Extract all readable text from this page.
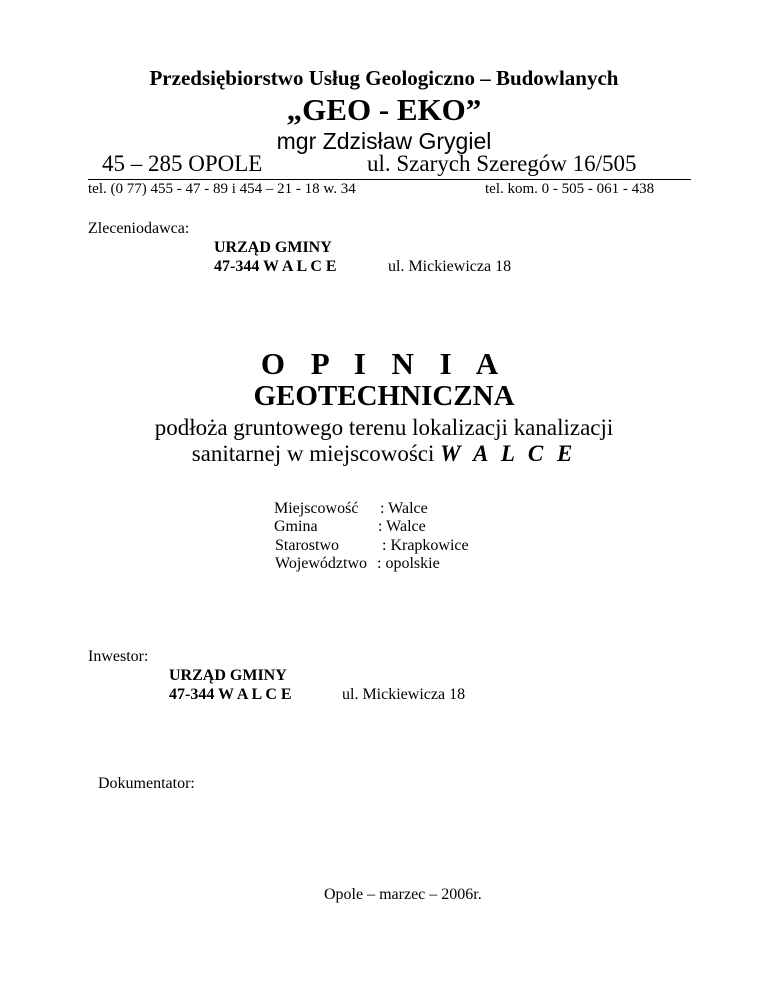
Przedsiębiorstwo Usług Geologiczno – Budowlanych
„GEO - EKO”
mgr Zdzisław Grygiel
45 – 285 OPOLE	ul. Szarych Szeregów 16/505
tel. (0 77) 455 - 47 - 89 i 454 – 21 - 18 w. 34	tel. kom. 0 - 505 - 061 - 438
Zleceniodawca:
URZĄD GMINY
47-344 W A L C E	ul. Mickiewicza 18
O P I N I A
GEOTECHNICZNA
podłoża gruntowego terenu lokalizacji kanalizacji
sanitarnej w miejscowości W A L C E
Miejscowość : Walce
Gmina	: Walce
Starostwo	: Krapkowice
Województwo : opolskie
Inwestor:
URZĄD GMINY
47-344 W A L C E	ul. Mickiewicza 18
Dokumentator:
Opole – marzec – 2006r.
